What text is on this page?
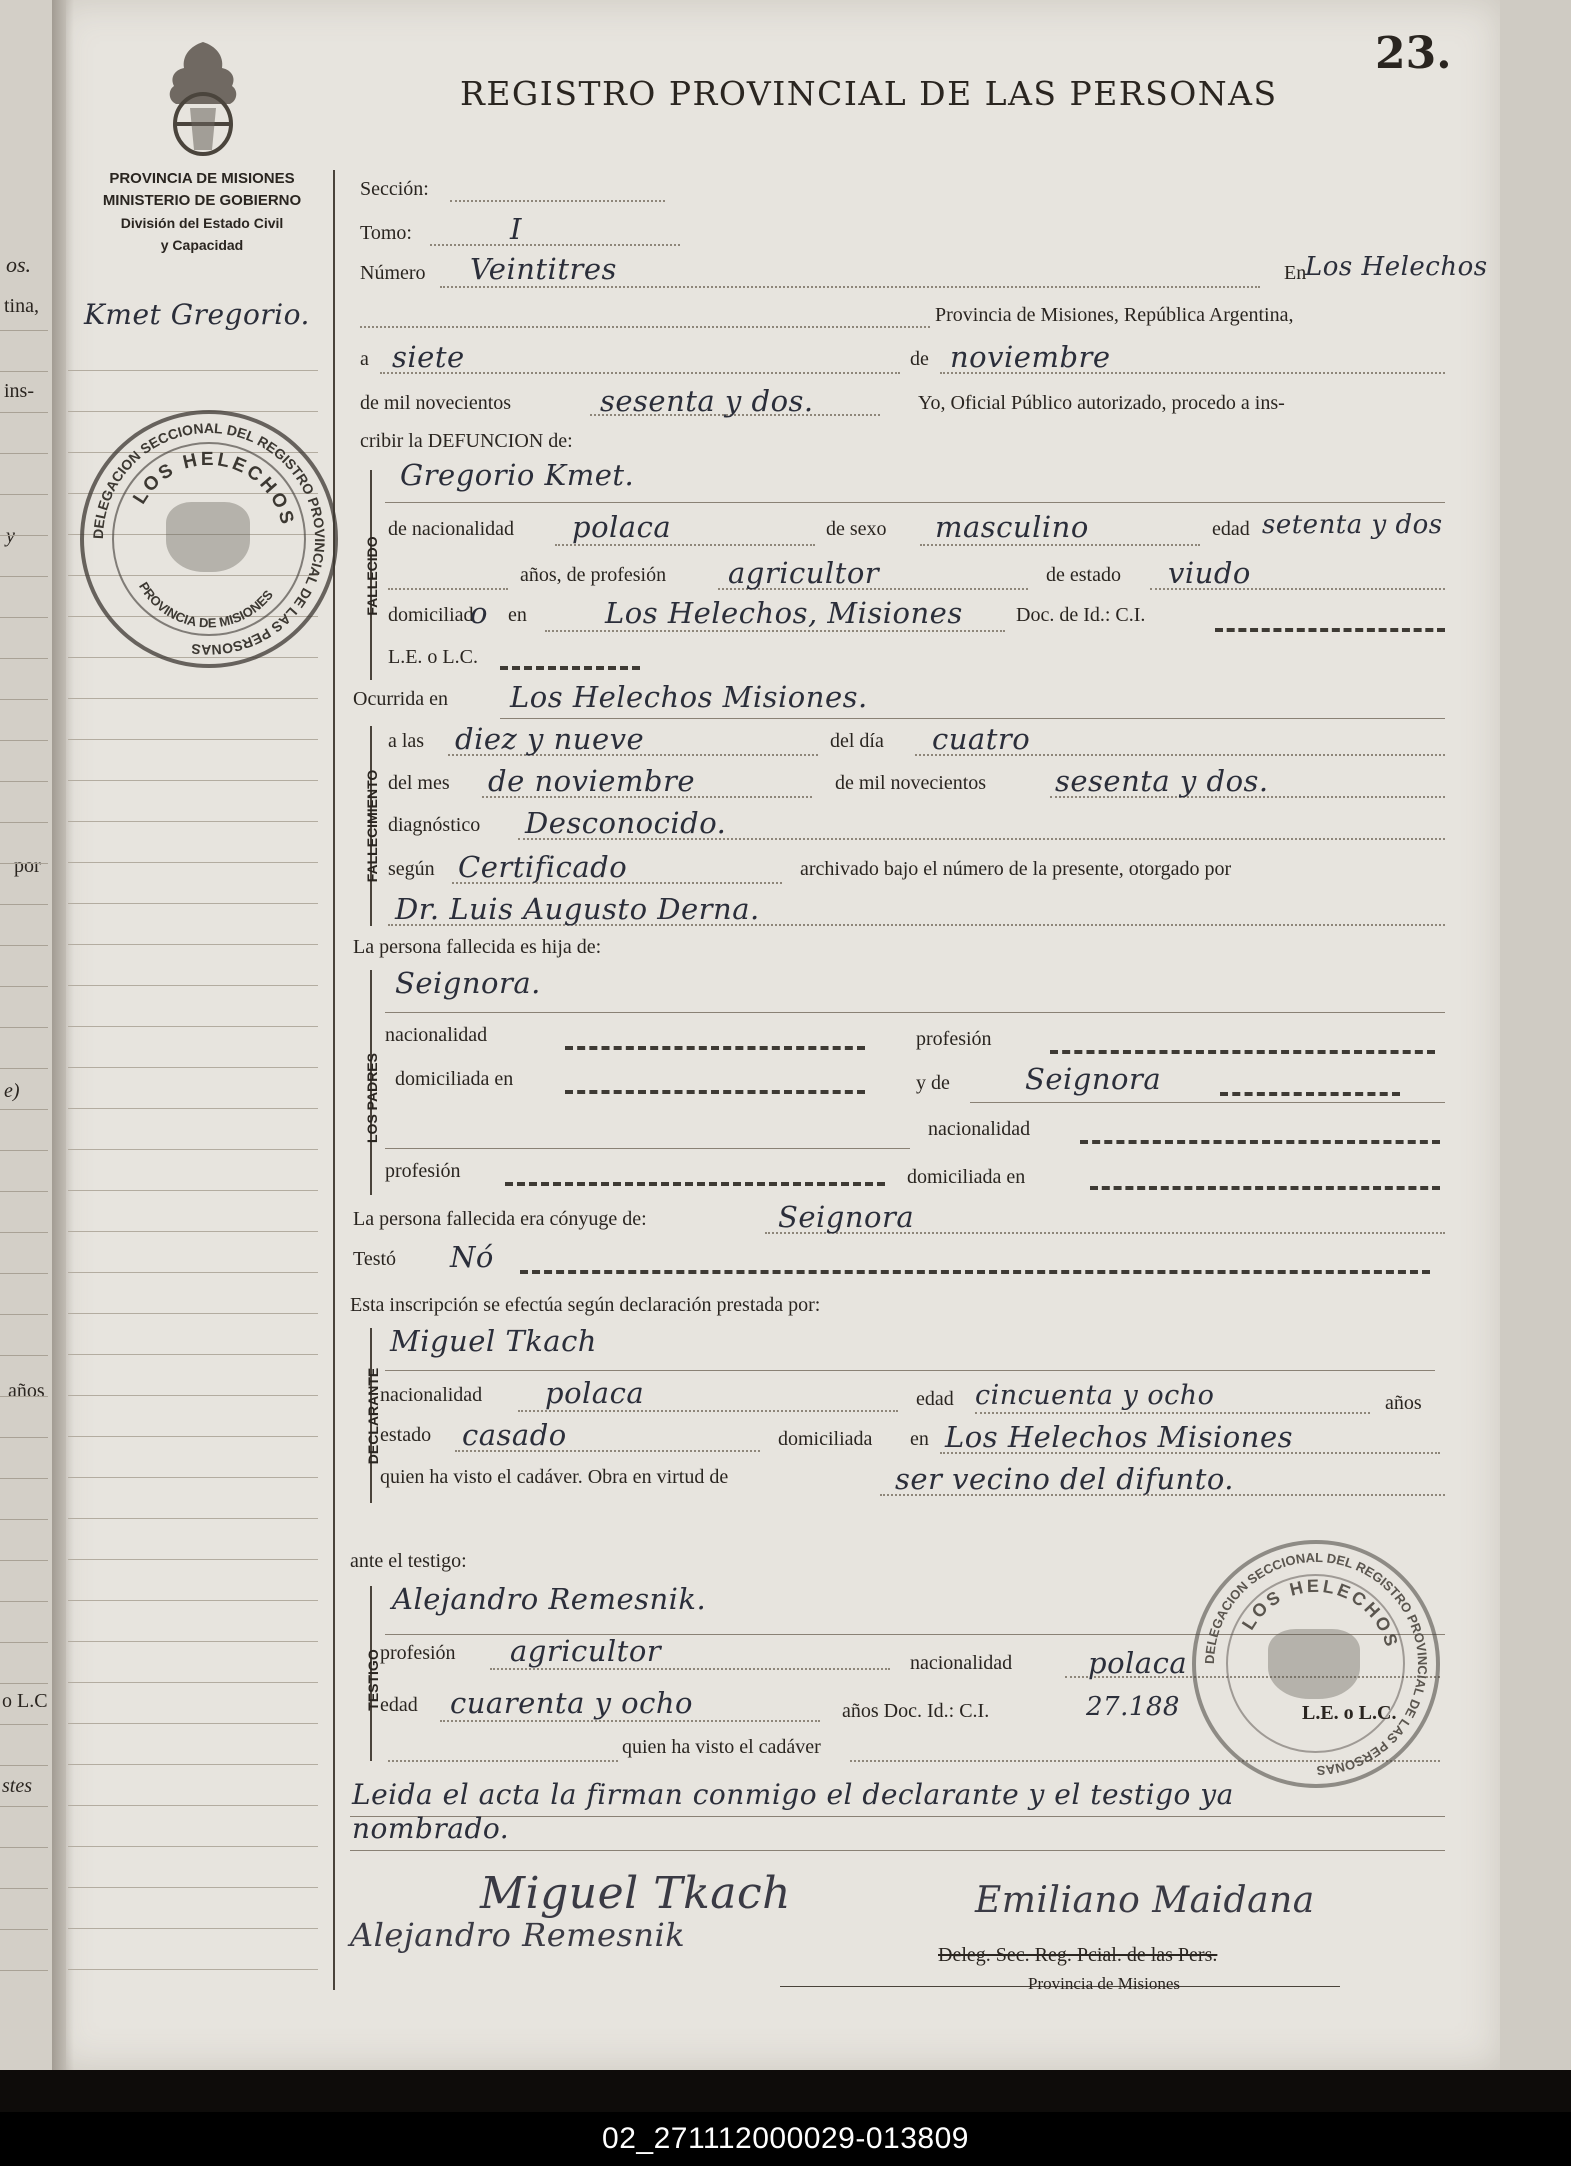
os.
tina,
ins-
y
por
e)
años
o L.C
stes
23.
REGISTRO PROVINCIAL DE LAS PERSONAS
PROVINCIA DE MISIONES
MINISTERIO DE GOBIERNO
División del Estado Civil
y Capacidad
Kmet Gregorio.
DELEGACION SECCIONAL DEL REGISTRO PROVINCIAL DE LAS PERSONAS
LOS HELECHOS
PROVINCIA DE MISIONES
Sección:
Tomo:	I
Número Veintitres	En
Los Helechos
Provincia de Misiones, República Argentina,
a siete	de noviembre
de mil novecientos	sesenta y dos.	Yo, Oficial Público autorizado, procedo a ins-
cribir la DEFUNCION de:
FALLECIDO
Gregorio Kmet.
de nacionalidad polaca	de sexo masculino	edad setenta y dos
años, de profesión agricultor	de estado viudo
domiciliad
o en	Los Helechos, Misiones	Doc. de Id.: C.I.
L.E. o L.C.
Ocurrida en Los Helechos Misiones.
FALLECIMIENTO
a las diez y nueve	del día cuatro
del mes de noviembre	de mil novecientos sesenta y dos.
diagnóstico Desconocido.
según Certificado	archivado bajo el número de la presente, otorgado por
Dr. Luis Augusto Derna.
La persona fallecida es hija de:
LOS PADRES
Seignora.
nacionalidad	profesión
domiciliada en	y de	Seignora
nacionalidad
profesión	domiciliada en
La persona fallecida era cónyuge de:	Seignora
Testó Nó
Esta inscripción se efectúa según declaración prestada por:
DECLARANTE
Miguel Tkach
nacionalidad polaca	edad cincuenta y ocho	años
estado casado	domiciliada en Los Helechos Misiones
quien ha visto el cadáver. Obra en virtud de	ser vecino del difunto.
ante el testigo:
TESTIGO
Alejandro Remesnik.
profesión agricultor	nacionalidad	polaca
edad cuarenta y ocho	años Doc. Id.: C.I.	27.188	L.E. o L.C.
quien ha visto el cadáver
Leida el acta la firman conmigo el declarante y el testigo ya
nombrado.
DELEGACION SECCIONAL DEL REGISTRO PROVINCIAL DE LAS PERSONAS
LOS HELECHOS
Miguel Tkach
Alejandro Remesnik
Emiliano Maidana
Deleg. Sec. Reg. Pcial. de las Pers.
Provincia de Misiones
02_271112000029-013809
